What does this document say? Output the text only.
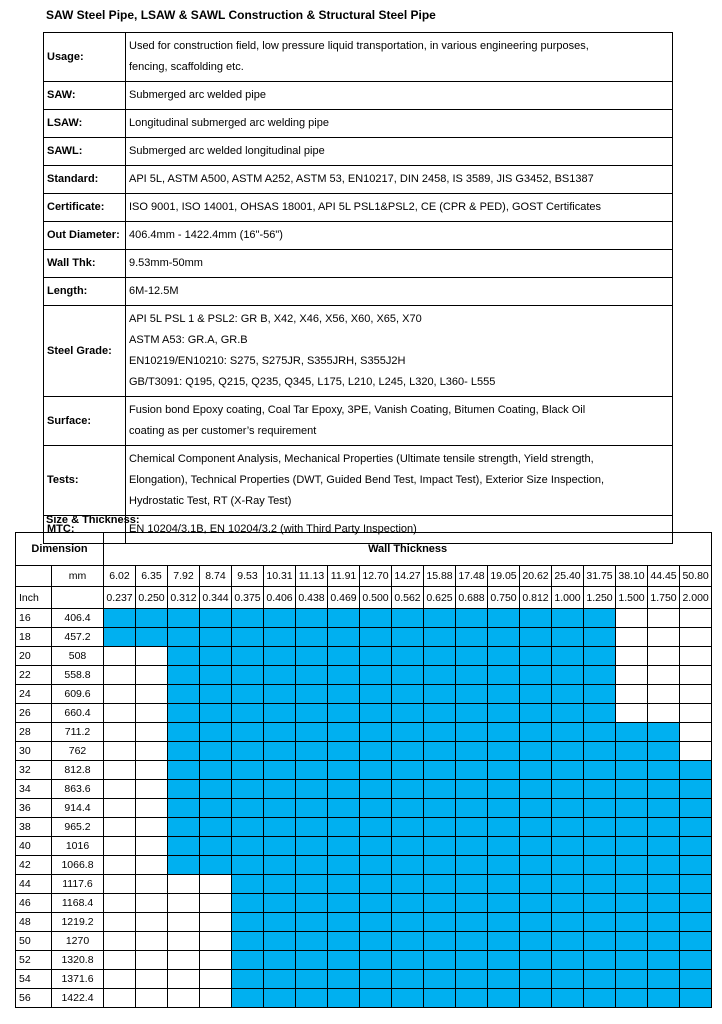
SAW Steel Pipe, LSAW & SAWL Construction & Structural Steel Pipe
Usage:	Used for construction field, low pressure liquid transportation, in various engineering purposes,
fencing, scaffolding etc.

SAW:	Submerged arc welded pipe

LSAW:	Longitudinal submerged arc welding pipe

SAWL:	Submerged arc welded longitudinal pipe

Standard:	API 5L, ASTM A500, ASTM A252, ASTM 53, EN10217, DIN 2458, IS 3589, JIS G3452, BS1387

Certificate:	ISO 9001, ISO 14001, OHSAS 18001, API 5L PSL1&PSL2, CE (CPR & PED), GOST Certificates

Out Diameter:	406.4mm - 1422.4mm (16"-56")

Wall Thk:	9.53mm-50mm

Length:	6M-12.5M

Steel Grade:	API 5L PSL 1 & PSL2: GR B, X42, X46, X56, X60, X65, X70
ASTM A53: GR.A, GR.B
EN10219/EN10210: S275, S275JR, S355JRH, S355J2H
GB/T3091: Q195, Q215, Q235, Q345, L175, L210, L245, L320, L360- L555

Surface:	Fusion bond Epoxy coating, Coal Tar Epoxy, 3PE, Vanish Coating, Bitumen Coating, Black Oil
coating as per customer’s requirement

Tests:	Chemical Component Analysis, Mechanical Properties (Ultimate tensile strength, Yield strength,
Elongation), Technical Properties (DWT, Guided Bend Test, Impact Test), Exterior Size Inspection,
Hydrostatic Test, RT (X-Ray Test)

MTC:	EN 10204/3.1B, EN 10204/3.2 (with Third Party Inspection)
Size & Thickness:
Dimension		Wall Thickness																		
	mm	6.02	6.35	7.92	8.74	9.53	10.31	11.13	11.91	12.70	14.27	15.88	17.48	19.05	20.62	25.40	31.75	38.10	44.45	50.80
Inch		0.237	0.250	0.312	0.344	0.375	0.406	0.438	0.469	0.500	0.562	0.625	0.688	0.750	0.812	1.000	1.250	1.500	1.750	2.000
16	406.4																			
18	457.2																			
20	508																			
22	558.8																			
24	609.6																			
26	660.4																			
28	711.2																			
30	762																			
32	812.8																			
34	863.6																			
36	914.4																			
38	965.2																			
40	1016																			
42	1066.8																			
44	1117.6																			
46	1168.4																			
48	1219.2																			
50	1270																			
52	1320.8																			
54	1371.6																			
56	1422.4																			
